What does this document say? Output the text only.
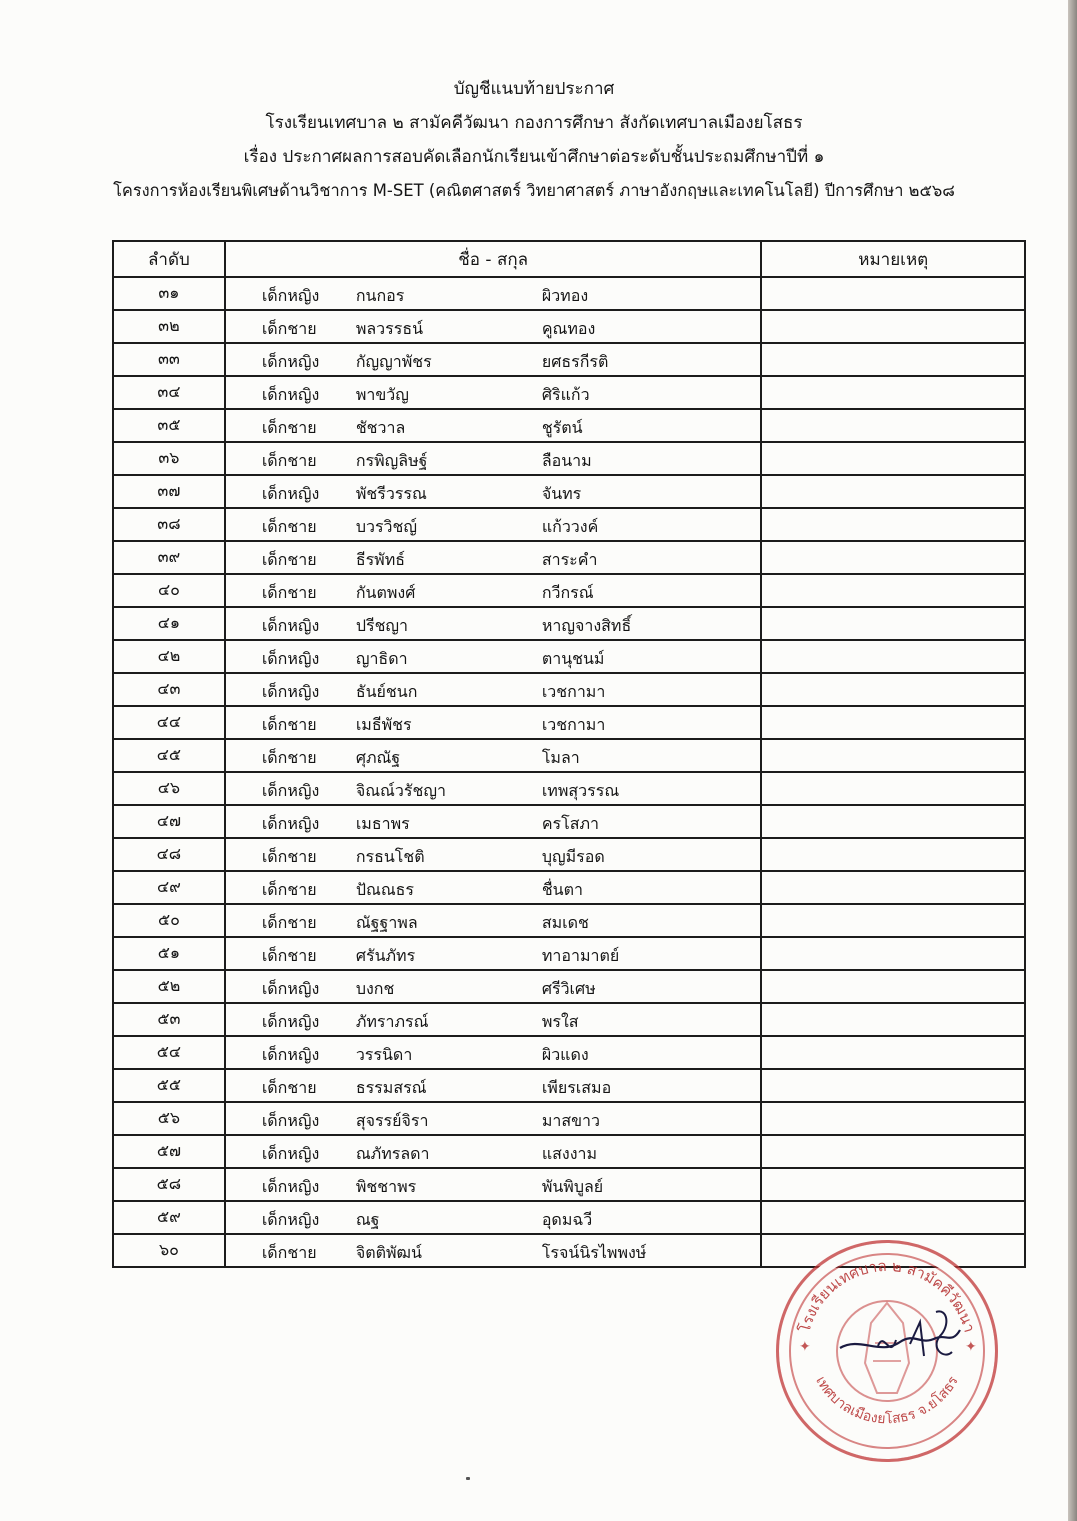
บัญชีแนบท้ายประกาศ
โรงเรียนเทศบาล ๒ สามัคคีวัฒนา กองการศึกษา สังกัดเทศบาลเมืองยโสธร
เรื่อง ประกาศผลการสอบคัดเลือกนักเรียนเข้าศึกษาต่อระดับชั้นประถมศึกษาปีที่ ๑
โครงการห้องเรียนพิเศษด้านวิชาการ M-SET (คณิตศาสตร์ วิทยาศาสตร์ ภาษาอังกฤษและเทคโนโลยี) ปีการศึกษา ๒๕๖๘
ลำดับ	ชื่อ - สกุล	หมายเหตุ
๓๑	เด็กหญิง กนกอร ผิวทอง	

๓๒	เด็กชาย พลวรรธน์ คูณทอง	

๓๓	เด็กหญิง กัญญาพัชร ยศธรกีรติ	

๓๔	เด็กหญิง พาขวัญ ศิริแก้ว	

๓๕	เด็กชาย ชัชวาล ชูรัตน์	

๓๖	เด็กชาย กรพิญลิษฐ์ ลือนาม	

๓๗	เด็กหญิง พัชรีวรรณ จันทร	

๓๘	เด็กชาย บวรวิชญ์ แก้ววงค์	

๓๙	เด็กชาย ธีรพัทธ์ สาระคำ	

๔๐	เด็กชาย กันตพงศ์ กวีกรณ์	

๔๑	เด็กหญิง ปรีชญา หาญจางสิทธิ์	

๔๒	เด็กหญิง ญาธิดา ตานุชนม์	

๔๓	เด็กหญิง ธันย์ชนก เวชกามา	

๔๔	เด็กชาย เมธีพัชร เวชกามา	

๔๕	เด็กชาย ศุภณัฐ โมลา	

๔๖	เด็กหญิง จิณณ์วรัชญา เทพสุวรรณ	

๔๗	เด็กหญิง เมธาพร ครโสภา	

๔๘	เด็กชาย กรธนโชติ บุญมีรอด	

๔๙	เด็กชาย ปัณณธร ชื่นตา	

๕๐	เด็กชาย ณัฐฐาพล สมเดช	

๕๑	เด็กชาย ศรันภัทร ทาอามาตย์	

๕๒	เด็กหญิง บงกช ศรีวิเศษ	

๕๓	เด็กหญิง ภัทราภรณ์ พรใส	

๕๔	เด็กหญิง วรรนิดา ผิวแดง	

๕๕	เด็กชาย ธรรมสรณ์ เพียรเสมอ	

๕๖	เด็กหญิง สุจรรย์จิรา มาสขาว	

๕๗	เด็กหญิง ณภัทรลดา แสงงาม	

๕๘	เด็กหญิง พิชชาพร พันพิบูลย์	

๕๙	เด็กหญิง ณฐ อุดมฉวี	

๖๐	เด็กชาย จิตติพัฒน์ โรจน์นิรไพพงษ์	

โรงเรียนเทศบาล ๒ สามัคคีวัฒนา
เทศบาลเมืองยโสธร จ.ยโสธร
✦	✦
